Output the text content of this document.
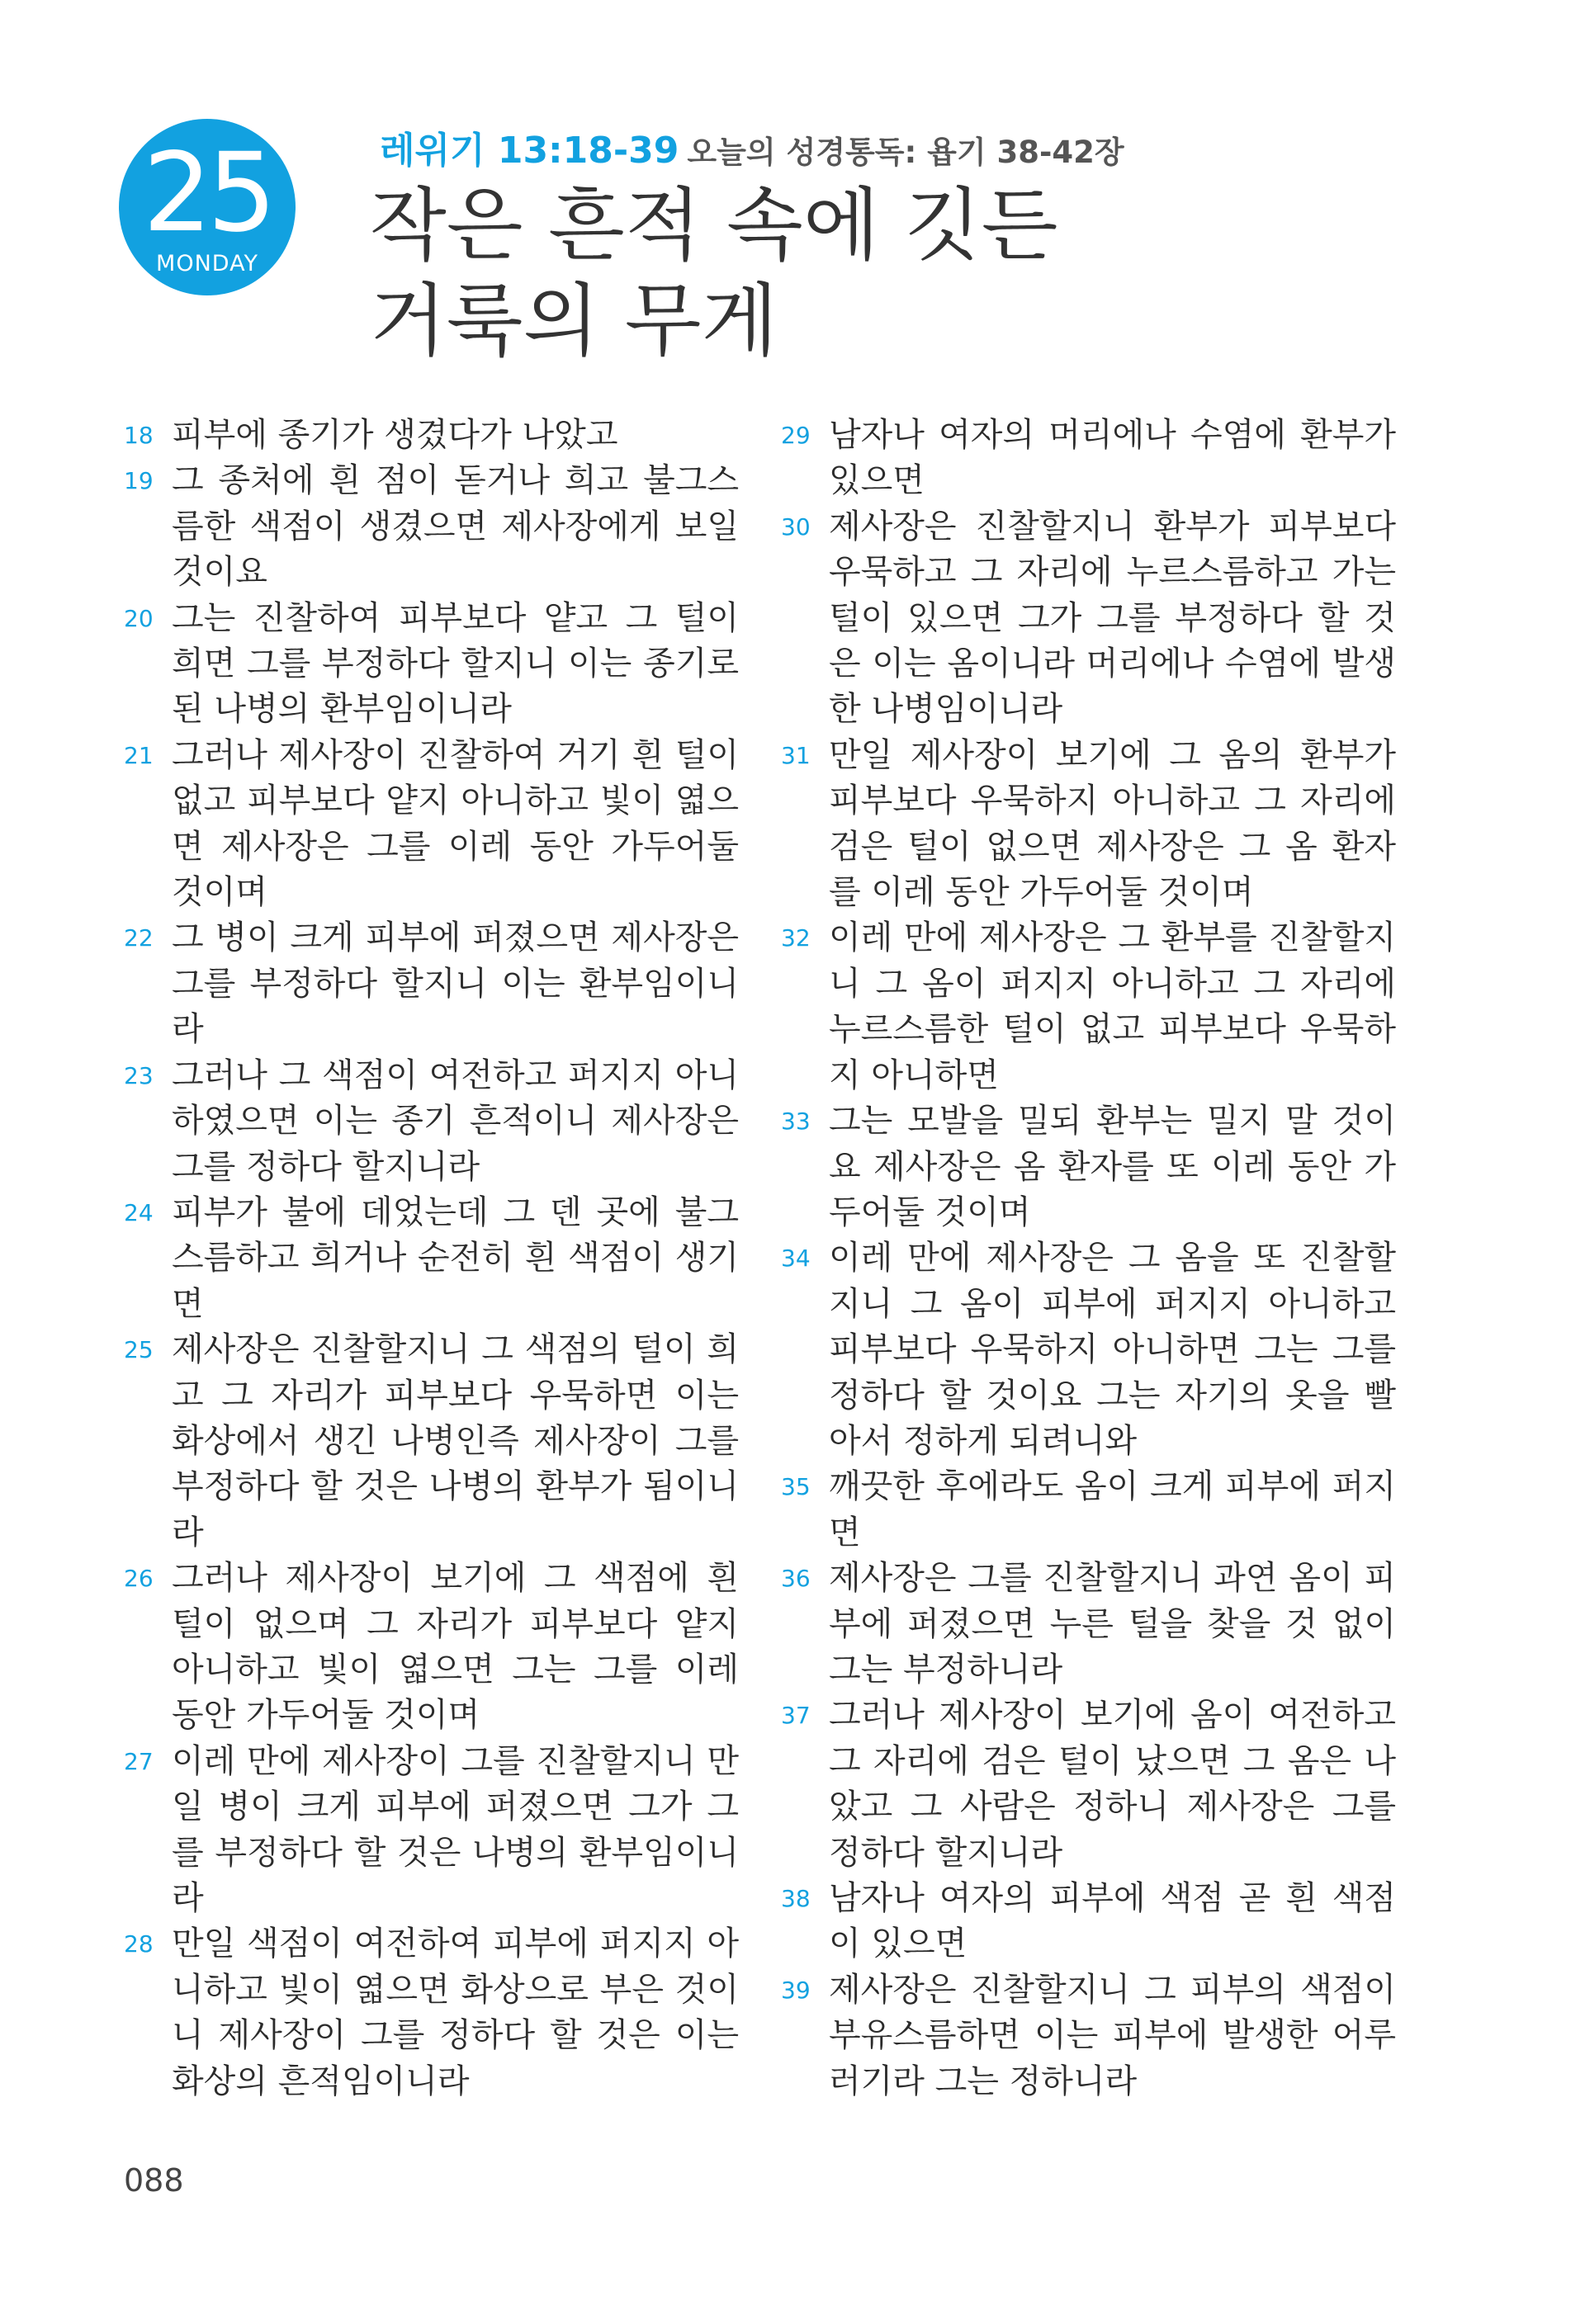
25
MONDAY
레위기 13:18-39 오늘의 성경통독: 욥기 38-42장
작은 흔적 속에 깃든
거룩의 무게
18 피부에 종기가 생겼다가 나았고
19 그 종처에 흰 점이 돋거나 희고 불그스름한 색점이 생겼으면 제사장에게 보일 것이요
20 그는 진찰하여 피부보다 얕고 그 털이 희면 그를 부정하다 할지니 이는 종기로 된 나병의 환부임이니라
21 그러나 제사장이 진찰하여 거기 흰 털이 없고 피부보다 얕지 아니하고 빛이 엷으면 제사장은 그를 이레 동안 가두어둘 것이며
22 그 병이 크게 피부에 퍼졌으면 제사장은 그를 부정하다 할지니 이는 환부임이니라
23 그러나 그 색점이 여전하고 퍼지지 아니하였으면 이는 종기 흔적이니 제사장은 그를 정하다 할지니라
24 피부가 불에 데었는데 그 덴 곳에 불그스름하고 희거나 순전히 흰 색점이 생기면
25 제사장은 진찰할지니 그 색점의 털이 희고 그 자리가 피부보다 우묵하면 이는 화상에서 생긴 나병인즉 제사장이 그를 부정하다 할 것은 나병의 환부가 됨이니라
26 그러나 제사장이 보기에 그 색점에 흰 털이 없으며 그 자리가 피부보다 얕지 아니하고 빛이 엷으면 그는 그를 이레 동안 가두어둘 것이며
27 이레 만에 제사장이 그를 진찰할지니 만일 병이 크게 피부에 퍼졌으면 그가 그를 부정하다 할 것은 나병의 환부임이니라
28 만일 색점이 여전하여 피부에 퍼지지 아니하고 빛이 엷으면 화상으로 부은 것이니 제사장이 그를 정하다 할 것은 이는 화상의 흔적임이니라
29 남자나 여자의 머리에나 수염에 환부가 있으면
30 제사장은 진찰할지니 환부가 피부보다 우묵하고 그 자리에 누르스름하고 가는 털이 있으면 그가 그를 부정하다 할 것은 이는 옴이니라 머리에나 수염에 발생한 나병임이니라
31 만일 제사장이 보기에 그 옴의 환부가 피부보다 우묵하지 아니하고 그 자리에 검은 털이 없으면 제사장은 그 옴 환자를 이레 동안 가두어둘 것이며
32 이레 만에 제사장은 그 환부를 진찰할지니 그 옴이 퍼지지 아니하고 그 자리에 누르스름한 털이 없고 피부보다 우묵하지 아니하면
33 그는 모발을 밀되 환부는 밀지 말 것이요 제사장은 옴 환자를 또 이레 동안 가두어둘 것이며
34 이레 만에 제사장은 그 옴을 또 진찰할지니 그 옴이 피부에 퍼지지 아니하고 피부보다 우묵하지 아니하면 그는 그를 정하다 할 것이요 그는 자기의 옷을 빨아서 정하게 되려니와
35 깨끗한 후에라도 옴이 크게 피부에 퍼지면
36 제사장은 그를 진찰할지니 과연 옴이 피부에 퍼졌으면 누른 털을 찾을 것 없이 그는 부정하니라
37 그러나 제사장이 보기에 옴이 여전하고 그 자리에 검은 털이 났으면 그 옴은 나았고 그 사람은 정하니 제사장은 그를 정하다 할지니라
38 남자나 여자의 피부에 색점 곧 흰 색점이 있으면
39 제사장은 진찰할지니 그 피부의 색점이 부유스름하면 이는 피부에 발생한 어루러기라 그는 정하니라
088
